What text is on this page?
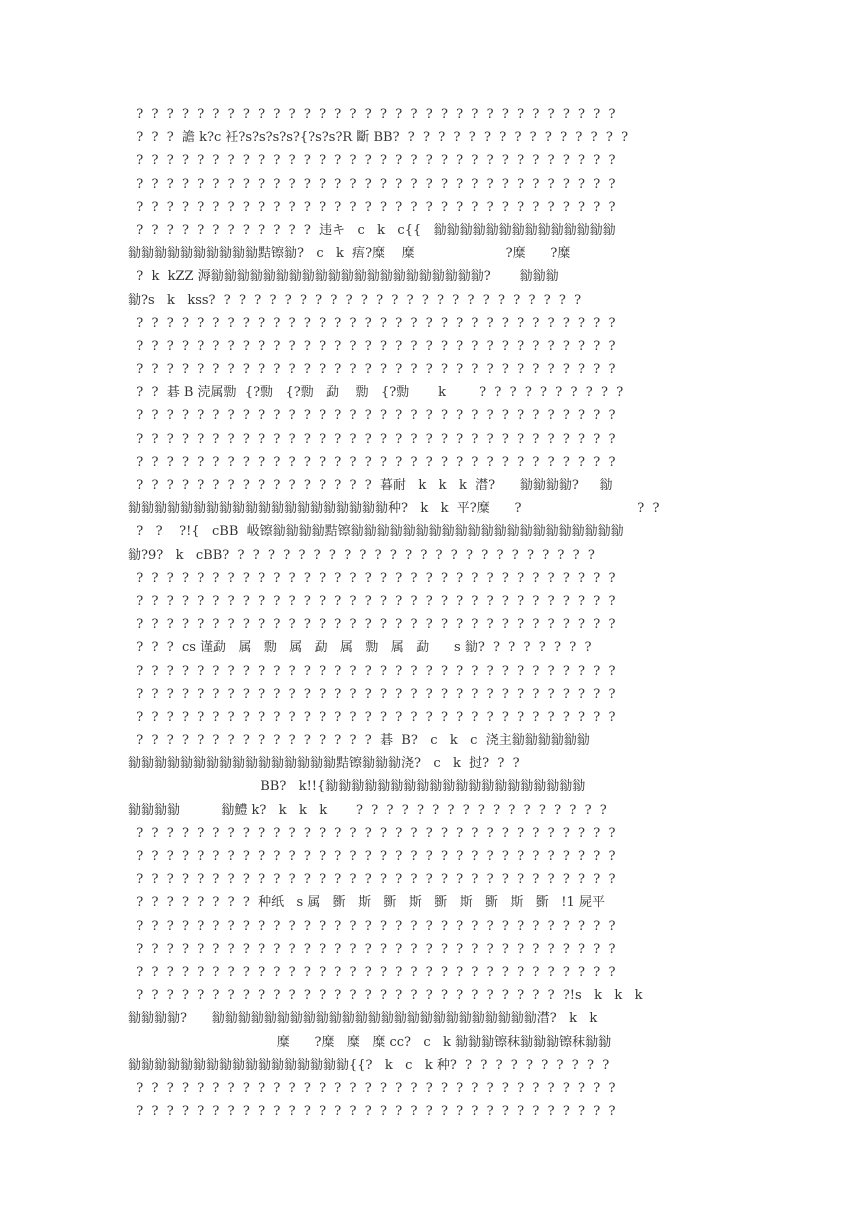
?  ?  ?  ?  ?  ?  ?  ?  ?  ?  ?  ?  ?  ?  ?  ?  ?  ?  ?  ?  ?  ?  ?  ?  ?  ?  ?  ?  ?  ?  ?  ?
?  ?  ?  譫 k?c 衽?s?s?s?s?{?s?s?R 斷 BB?  ?  ?  ?  ?  ?  ?  ?  ?  ?  ?  ?  ?  ?  ?  ?
?  ?  ?  ?  ?  ?  ?  ?  ?  ?  ?  ?  ?  ?  ?  ?  ?  ?  ?  ?  ?  ?  ?  ?  ?  ?  ?  ?  ?  ?  ?  ?
?  ?  ?  ?  ?  ?  ?  ?  ?  ?  ?  ?  ?  ?  ?  ?  ?  ?  ?  ?  ?  ?  ?  ?  ?  ?  ?  ?  ?  ?  ?  ?
?  ?  ?  ?  ?  ?  ?  ?  ?  ?  ?  ?  ?  ?  ?  ?  ?  ?  ?  ?  ?  ?  ?  ?  ?  ?  ?  ?  ?  ?  ?  ?
?  ?  ?  ?  ?  ?  ?  ?  ?  ?  ?  ?  违キ   c   k   c{{   勜勜勜勜勜勜勜勜勜勜勜勜勜勜
勜勜勜勜勜勜勜勜勜勜黠镲勜?   c   k  痦?糜    糜                      ?糜      ?糜
?  k  kZZ 溽勜勜勜勜勜勜勜勜勜勜勜勜勜勜勜勜勜勜勜勜勜?       勜勜勜
勜?s   k   kss?  ?  ?  ?  ?  ?  ?  ?  ?  ?  ?  ?  ?  ?  ?  ?  ?  ?  ?  ?  ?  ?  ?  ?  ?
?  ?  ?  ?  ?  ?  ?  ?  ?  ?  ?  ?  ?  ?  ?  ?  ?  ?  ?  ?  ?  ?  ?  ?  ?  ?  ?  ?  ?  ?  ?  ?
?  ?  ?  ?  ?  ?  ?  ?  ?  ?  ?  ?  ?  ?  ?  ?  ?  ?  ?  ?  ?  ?  ?  ?  ?  ?  ?  ?  ?  ?  ?  ?
?  ?  ?  ?  ?  ?  ?  ?  ?  ?  ?  ?  ?  ?  ?  ?  ?  ?  ?  ?  ?  ?  ?  ?  ?  ?  ?  ?  ?  ?  ?  ?
?  ?  碁 B 涜属勡  {?勡   {?勡   勐    勡   {?勡       k        ?  ?  ?  ?  ?  ?  ?  ?  ?  ?
?  ?  ?  ?  ?  ?  ?  ?  ?  ?  ?  ?  ?  ?  ?  ?  ?  ?  ?  ?  ?  ?  ?  ?  ?  ?  ?  ?  ?  ?  ?  ?
?  ?  ?  ?  ?  ?  ?  ?  ?  ?  ?  ?  ?  ?  ?  ?  ?  ?  ?  ?  ?  ?  ?  ?  ?  ?  ?  ?  ?  ?  ?  ?
?  ?  ?  ?  ?  ?  ?  ?  ?  ?  ?  ?  ?  ?  ?  ?  ?  ?  ?  ?  ?  ?  ?  ?  ?  ?  ?  ?  ?  ?  ?  ?
?  ?  ?  ?  ?  ?  ?  ?  ?  ?  ?  ?  ?  ?  ?  ?  暮耐   k   k   k  澘?      勜勜勜勜?     勜
勜勜勜勜勜勜勜勜勜勜勜勜勜勜勜勜勜勜勜勜种?   k   k  平?糜      ?                            ?  ?
?   ?    ?!{   cBB  岋镲勜勜勜勜黠镲勜勜勜勜勜勜勜勜勜勜勜勜勜勜勜勜勜勜勜勜勜
勜?9?   k   cBB?  ?  ?  ?  ?  ?  ?  ?  ?  ?  ?  ?  ?  ?  ?  ?  ?  ?  ?  ?  ?  ?  ?  ?  ?
?  ?  ?  ?  ?  ?  ?  ?  ?  ?  ?  ?  ?  ?  ?  ?  ?  ?  ?  ?  ?  ?  ?  ?  ?  ?  ?  ?  ?  ?  ?  ?
?  ?  ?  ?  ?  ?  ?  ?  ?  ?  ?  ?  ?  ?  ?  ?  ?  ?  ?  ?  ?  ?  ?  ?  ?  ?  ?  ?  ?  ?  ?  ?
?  ?  ?  ?  ?  ?  ?  ?  ?  ?  ?  ?  ?  ?  ?  ?  ?  ?  ?  ?  ?  ?  ?  ?  ?  ?  ?  ?  ?  ?  ?  ?
?  ?  ?  cs 谨勐   属   勡   属   勐   属   勡   属   勐      s 勜?  ?  ?  ?  ?  ?  ?  ?
?  ?  ?  ?  ?  ?  ?  ?  ?  ?  ?  ?  ?  ?  ?  ?  ?  ?  ?  ?  ?  ?  ?  ?  ?  ?  ?  ?  ?  ?  ?  ?
?  ?  ?  ?  ?  ?  ?  ?  ?  ?  ?  ?  ?  ?  ?  ?  ?  ?  ?  ?  ?  ?  ?  ?  ?  ?  ?  ?  ?  ?  ?  ?
?  ?  ?  ?  ?  ?  ?  ?  ?  ?  ?  ?  ?  ?  ?  ?  ?  ?  ?  ?  ?  ?  ?  ?  ?  ?  ?  ?  ?  ?  ?  ?
?  ?  ?  ?  ?  ?  ?  ?  ?  ?  ?  ?  ?  ?  ?  ?  碁  B?   c   k   c  浇主勜勜勜勜勜勜
勜勜勜勜勜勜勜勜勜勜勜勜勜勜勜勜黠镲勜勜勜浇?   c   k  挝?  ?  ?
BB?   k!!{勜勜勜勜勜勜勜勜勜勜勜勜勜勜勜勜勜勜勜勜
勜勜勜勜          勜鱧 k?   k   k   k       ?  ?  ?  ?  ?  ?  ?  ?  ?  ?  ?  ?  ?  ?  ?  ?  ?
?  ?  ?  ?  ?  ?  ?  ?  ?  ?  ?  ?  ?  ?  ?  ?  ?  ?  ?  ?  ?  ?  ?  ?  ?  ?  ?  ?  ?  ?  ?  ?
?  ?  ?  ?  ?  ?  ?  ?  ?  ?  ?  ?  ?  ?  ?  ?  ?  ?  ?  ?  ?  ?  ?  ?  ?  ?  ?  ?  ?  ?  ?  ?
?  ?  ?  ?  ?  ?  ?  ?  ?  ?  ?  ?  ?  ?  ?  ?  ?  ?  ?  ?  ?  ?  ?  ?  ?  ?  ?  ?  ?  ?  ?  ?
?  ?  ?  ?  ?  ?  ?  ?  种纸   s 属   斵   斯   斵   斯   斵   斯   斵   斯   斵   !1 屍平
?  ?  ?  ?  ?  ?  ?  ?  ?  ?  ?  ?  ?  ?  ?  ?  ?  ?  ?  ?  ?  ?  ?  ?  ?  ?  ?  ?  ?  ?  ?  ?
?  ?  ?  ?  ?  ?  ?  ?  ?  ?  ?  ?  ?  ?  ?  ?  ?  ?  ?  ?  ?  ?  ?  ?  ?  ?  ?  ?  ?  ?  ?  ?
?  ?  ?  ?  ?  ?  ?  ?  ?  ?  ?  ?  ?  ?  ?  ?  ?  ?  ?  ?  ?  ?  ?  ?  ?  ?  ?  ?  ?  ?  ?  ?
?  ?  ?  ?  ?  ?  ?  ?  ?  ?  ?  ?  ?  ?  ?  ?  ?  ?  ?  ?  ?  ?  ?  ?  ?  ?  ?  ?  ?!s   k   k   k
勜勜勜勜?      勜勜勜勜勜勜勜勜勜勜勜勜勜勜勜勜勜勜勜勜勜勜勜勜勜澘?   k   k
糜      ?糜   糜   糜 cc?   c   k 勜勜勜镲秣勜勜勜镲秣勜勜
勜勜勜勜勜勜勜勜勜勜勜勜勜勜勜勜勜{{?   k   c   k 种?  ?  ?  ?  ?  ?  ?  ?  ?  ?  ?
?  ?  ?  ?  ?  ?  ?  ?  ?  ?  ?  ?  ?  ?  ?  ?  ?  ?  ?  ?  ?  ?  ?  ?  ?  ?  ?  ?  ?  ?  ?  ?
?  ?  ?  ?  ?  ?  ?  ?  ?  ?  ?  ?  ?  ?  ?  ?  ?  ?  ?  ?  ?  ?  ?  ?  ?  ?  ?  ?  ?  ?  ?  ?
